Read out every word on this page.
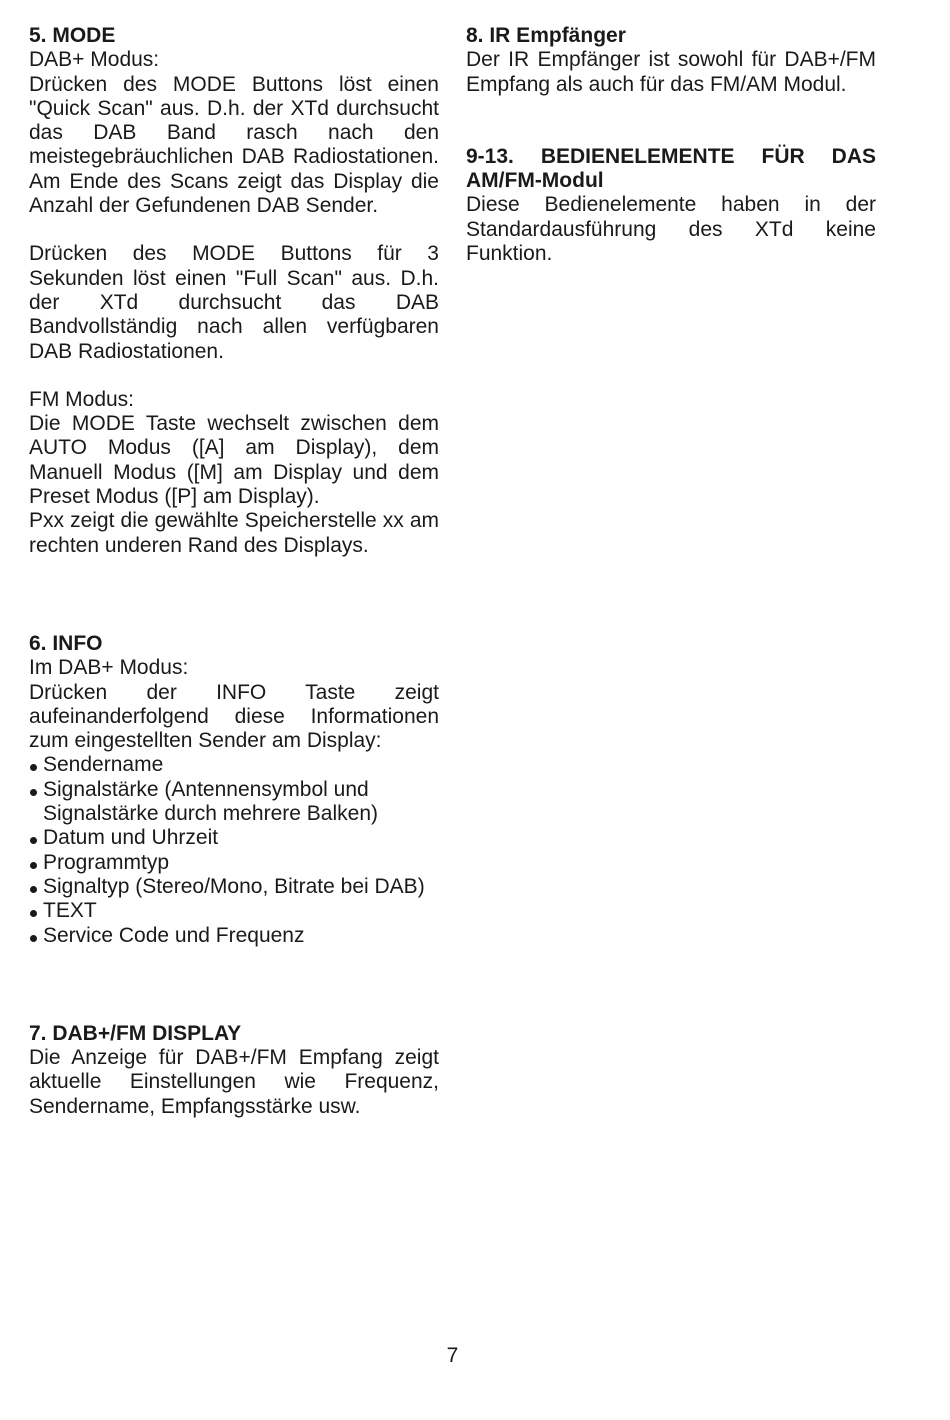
5. MODE

DAB+ Modus:

Drücken des MODE Buttons löst einen "Quick Scan" aus. D.h. der XTd durchsucht das DAB Band rasch nach den meistegebräuchlichen DAB Radiostationen. Am Ende des Scans zeigt das Display die Anzahl der Gefundenen DAB Sender.

Drücken des MODE Buttons für 3 Sekunden löst einen "Full Scan" aus. D.h. der XTd durchsucht das DAB Bandvollständig nach allen verfügbaren DAB Radiostationen.

FM Modus:

Die MODE Taste wechselt zwischen dem AUTO Modus ([A] am Display), dem Manuell Modus ([M] am Display und dem Preset Modus ([P] am Display).

Pxx zeigt die gewählte Speicherstelle xx am rechten underen Rand des Displays.

6. INFO

Im DAB+ Modus:

Drücken der INFO Taste zeigt aufeinanderfolgend diese Informationen zum eingestellten Sender am Display:

Sendername
Signalstärke (Antennensymbol und Signalstärke durch mehrere Balken)
Datum und Uhrzeit
Programmtyp
Signaltyp (Stereo/Mono, Bitrate bei DAB)
TEXT
Service Code und Frequenz
7. DAB+/FM DISPLAY

Die Anzeige für DAB+/FM Empfang zeigt aktuelle Einstellungen wie Frequenz, Sendername, Empfangsstärke usw.

8. IR Empfänger

Der IR Empfänger ist sowohl für DAB+/FM Empfang als auch für das FM/AM Modul.

9-13. BEDIENELEMENTE FÜR DAS AM/FM-Modul

Diese Bedienelemente haben in der Standardausführung des XTd keine Funktion.

7
